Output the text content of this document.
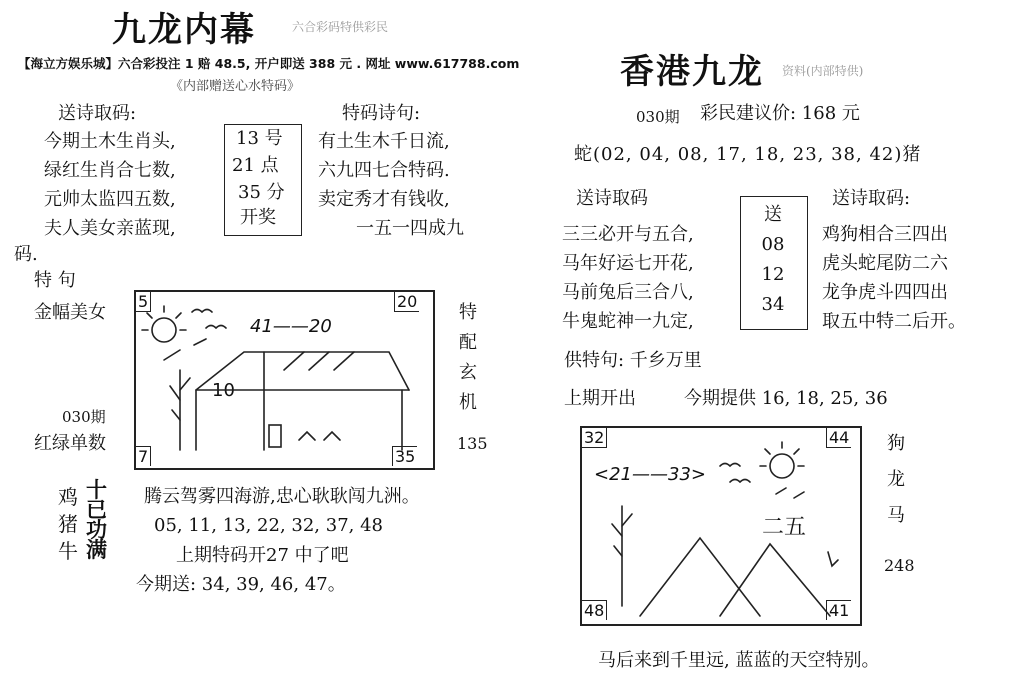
九龙内幕	六合彩码特供彩民
【海立方娱乐城】六合彩投注 1 赔 48.5, 开户即送 388 元 . 网址 www.617788.com
《内部赠送心水特码》
送诗取码:
今期土木生肖头,
绿红生肖合七数,
元帅太监四五数,
夫人美女亲蓝现,
码.
13 号
21 点
35 分
开奖
特码诗句:
有土生木千日流,
六九四七合特码.
卖定秀才有钱收,
一五一四成九
特 句
金幅美女
030期
红绿单数
特
配
玄
机
135
5	20
7	35
10
41——20
鸡
猪
牛
十
已
功
满
腾云驾雾四海游,忠心耿耿闯九洲。
05, 11, 13, 22, 32, 37, 48
上期特码开27 中了吧
今期送: 34, 39, 46, 47。
香港九龙 资料(内部特供)
030期 彩民建议价: 168 元
蛇(02, 04, 08, 17, 18, 23, 38, 42)猪
送诗取码
三三必开与五合,
马年好运七开花,
马前兔后三合八,
牛鬼蛇神一九定,
送
08
12
34
送诗取码:
鸡狗相合三四出
虎头蛇尾防二六
龙争虎斗四四出
取五中特二后开。
供特句: 千乡万里
上期开出	今期提供 16, 18, 25, 36
32	44
48	41
<21——33>
二五
狗
龙
马
248
马后来到千里远, 蓝蓝的天空特别。
